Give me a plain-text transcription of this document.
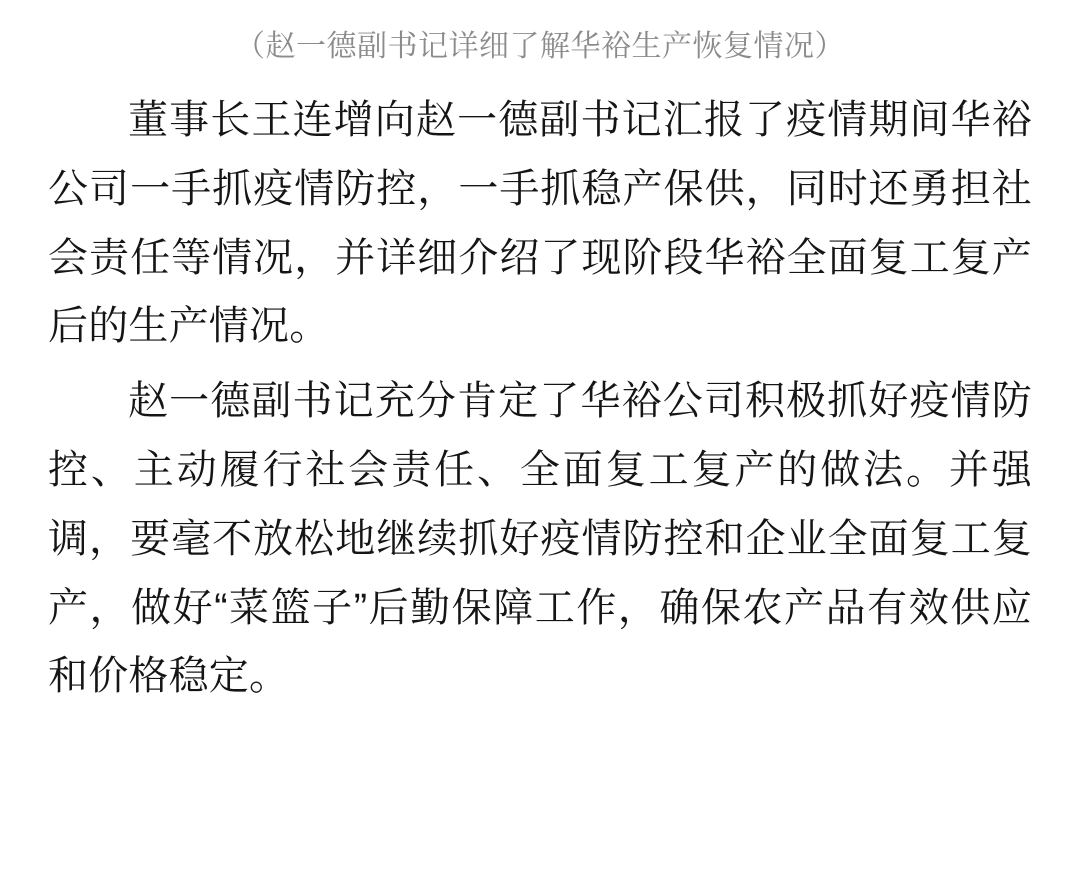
（赵一德副书记详细了解华裕生产恢复情况）

董事长王连增向赵一德副书记汇报了疫情期间华裕公司一手抓疫情防控，一手抓稳产保供，同时还勇担社会责任等情况，并详细介绍了现阶段华裕全面复工复产后的生产情况。

赵一德副书记充分肯定了华裕公司积极抓好疫情防控、主动履行社会责任、全面复工复产的做法。并强调，要毫不放松地继续抓好疫情防控和企业全面复工复产，做好“菜篮子”后勤保障工作，确保农产品有效供应和价格稳定。
